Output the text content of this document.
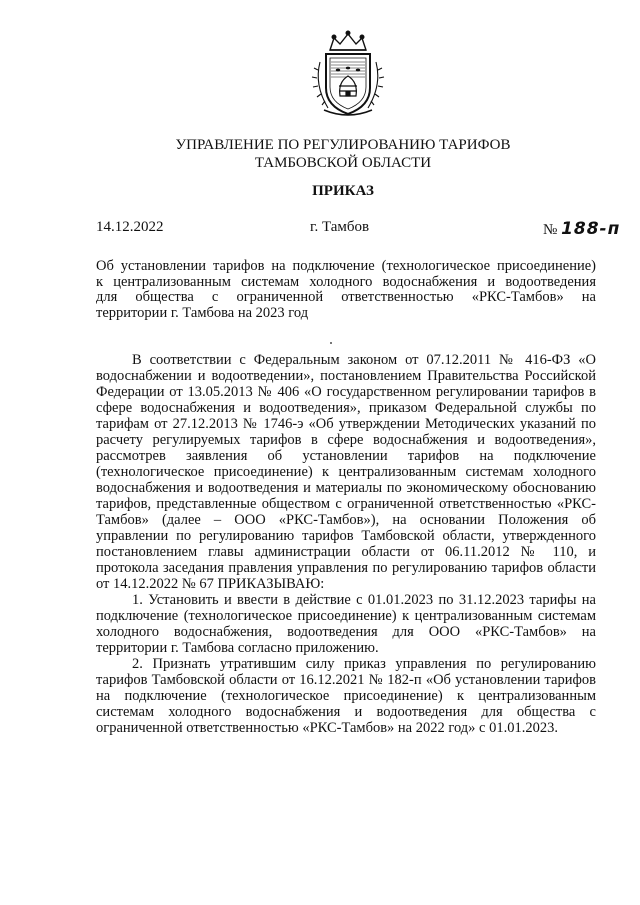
УПРАВЛЕНИЕ ПО РЕГУЛИРОВАНИЮ ТАРИФОВ
ТАМБОВСКОЙ ОБЛАСТИ
ПРИКАЗ
14.12.2022	г. Тамбов	№ 188-п
Об установлении тарифов на подключение (технологическое присоединение)
к централизованным системам холодного водоснабжения и водоотведения
для общества с ограниченной ответственностью «РКС-Тамбов» на
территории г. Тамбова на 2023 год

В соответствии с Федеральным законом от 07.12.2011 № 416-ФЗ «О водоснабжении и водоотведении», постановлением Правительства Российской Федерации от 13.05.2013 № 406 «О государственном регулировании тарифов в сфере водоснабжения и водоотведения», приказом Федеральной службы по тарифам от 27.12.2013 № 1746-э «Об утверждении Методических указаний по расчету регулируемых тарифов в сфере водоснабжения и водоотведения», рассмотрев заявления об установлении тарифов на подключение (технологическое присоединение) к централизованным системам холодного водоснабжения и водоотведения и материалы по экономическому обоснованию тарифов, представленные обществом с ограниченной ответственностью «РКС-Тамбов» (далее – ООО «РКС-Тамбов»), на основании Положения об управлении по регулированию тарифов Тамбовской области, утвержденного постановлением главы администрации области от 06.11.2012 № 110, и протокола заседания правления управления по регулированию тарифов области от 14.12.2022 № 67 ПРИКАЗЫВАЮ:

1. Установить и ввести в действие с 01.01.2023 по 31.12.2023 тарифы на подключение (технологическое присоединение) к централизованным системам холодного водоснабжения, водоотведения для ООО «РКС-Тамбов» на территории г. Тамбова согласно приложению.

2. Признать утратившим силу приказ управления по регулированию тарифов Тамбовской области от 16.12.2021 № 182-п «Об установлении тарифов на подключение (технологическое присоединение) к централизованным системам холодного водоснабжения и водоотведения для общества с ограниченной ответственностью «РКС-Тамбов» на 2022 год» с 01.01.2023.
